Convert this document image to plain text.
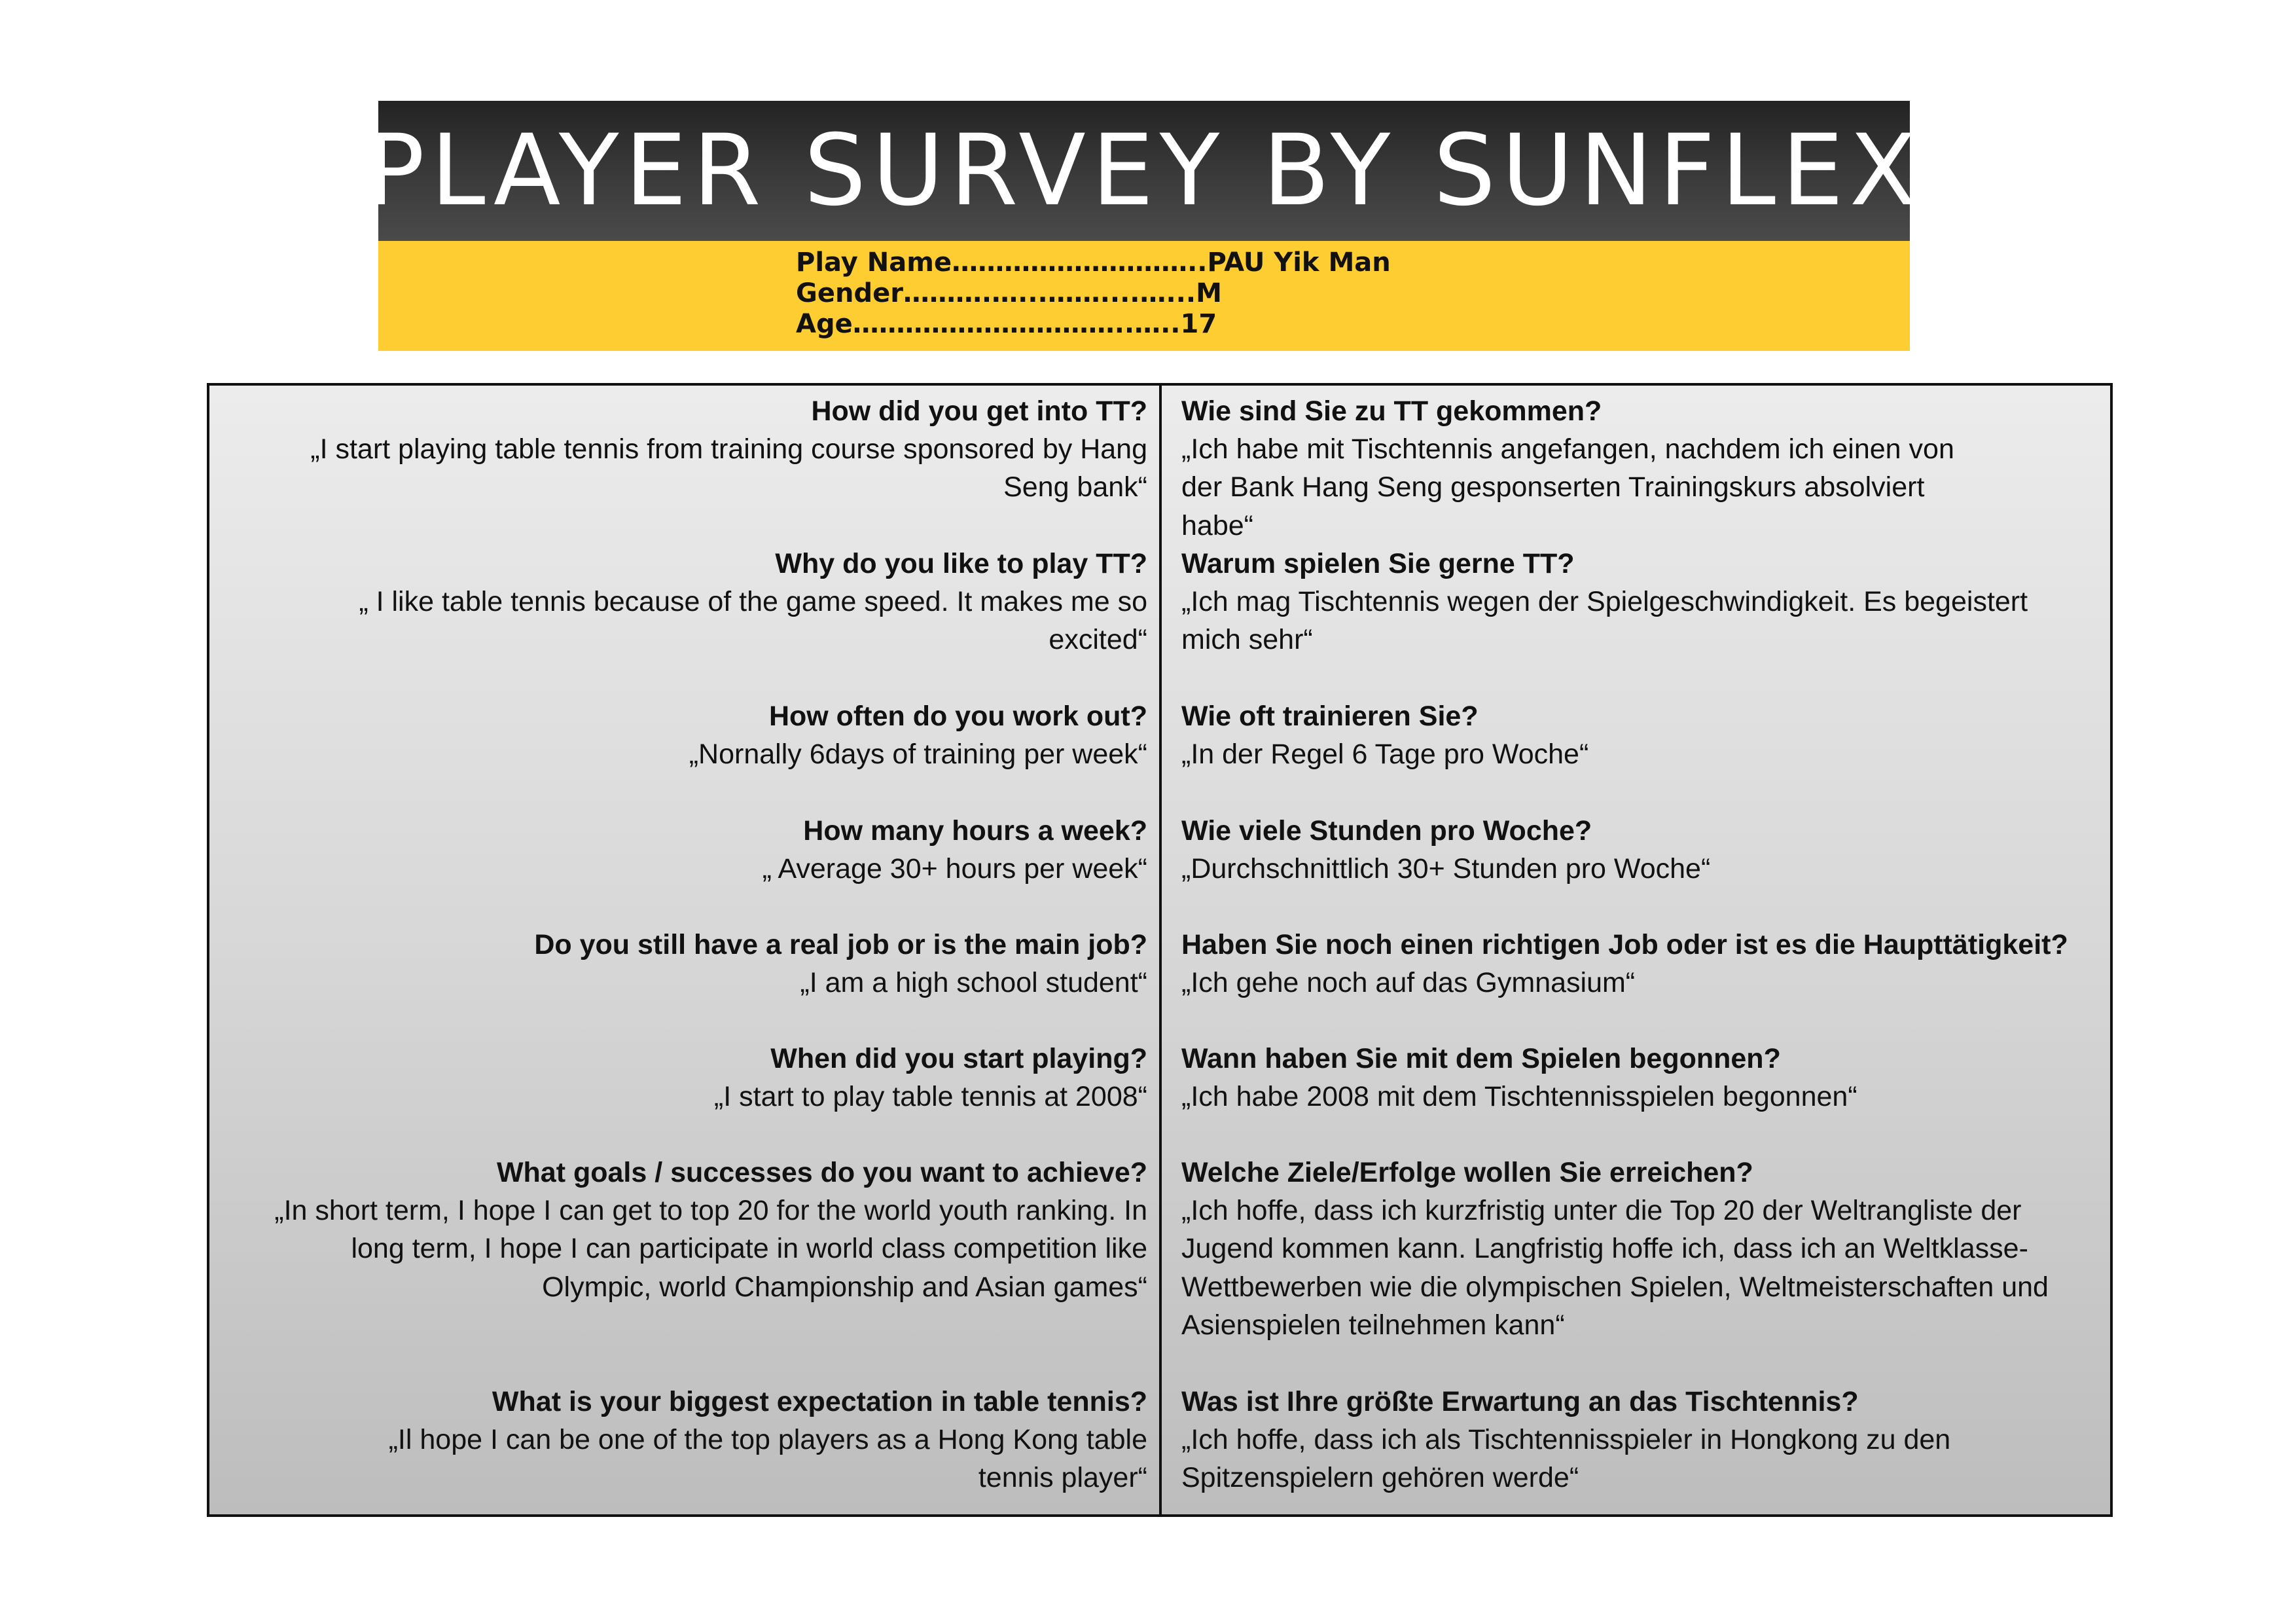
PLAYER SURVEY BY SUNFLEX
Play Name………………………..PAU Yik Man
Gender……….…...……....…...M
Age…………………………..…..17
How did you get into TT?
„I start playing table tennis from training course sponsored by Hang Seng bank“
Why do you like to play TT?
„ I like table tennis because of the game speed. It makes me so excited“
How often do you work out?
„Nornally 6days of training per week“
How many hours a week?
„ Average 30+ hours per week“
Do you still have a real job or is the main job?
„I am a high school student“
When did you start playing?
„I start to play table tennis at 2008“
What goals / successes do you want to achieve?
„In short term, I hope I can get to top 20 for the world youth ranking. In long term, I hope I can participate in world class competition like Olympic, world Championship and Asian games“
What is your biggest expectation in table tennis?
„Il hope I can be one of the top players as a Hong Kong table tennis player“
Wie sind Sie zu TT gekommen?
„Ich habe mit Tischtennis angefangen, nachdem ich einen von der Bank Hang Seng gesponserten Trainingskurs absolviert habe“
Warum spielen Sie gerne TT?
„Ich mag Tischtennis wegen der Spielgeschwindigkeit. Es begeistert mich sehr“
Wie oft trainieren Sie?
„In der Regel 6 Tage pro Woche“
Wie viele Stunden pro Woche?
„Durchschnittlich 30+ Stunden pro Woche“
Haben Sie noch einen richtigen Job oder ist es die Haupttätigkeit?
„Ich gehe noch auf das Gymnasium“
Wann haben Sie mit dem Spielen begonnen?
„Ich habe 2008 mit dem Tischtennisspielen begonnen“
Welche Ziele/Erfolge wollen Sie erreichen?
„Ich hoffe, dass ich kurzfristig unter die Top 20 der Weltrangliste der Jugend kommen kann. Langfristig hoffe ich, dass ich an Weltklasse-Wettbewerben wie die olympischen Spielen, Weltmeisterschaften und Asienspielen teilnehmen kann“
Was ist Ihre größte Erwartung an das Tischtennis?
„Ich hoffe, dass ich als Tischtennisspieler in Hongkong zu den Spitzenspielern gehören werde“
